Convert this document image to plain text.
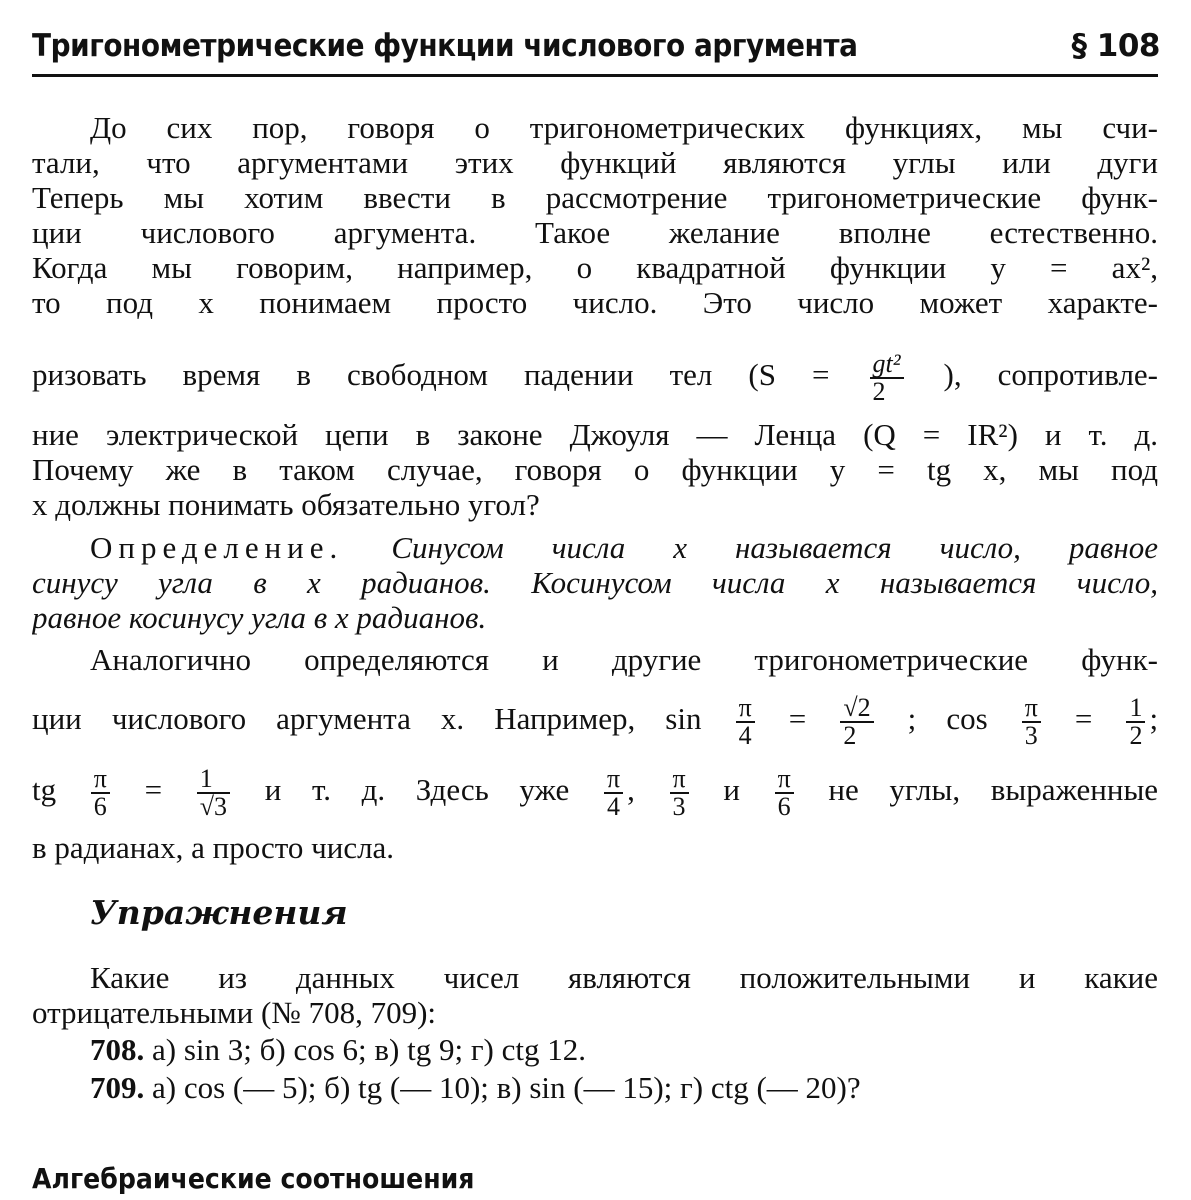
Тригонометрические функции числового аргумента	§ 108
До сих пор, говоря о тригонометрических функциях, мы счи-
тали, что аргументами этих функций являются углы или дуги
Теперь мы хотим ввести в рассмотрение тригонометрические функ-
ции числового аргумента. Такое желание вполне естественно.
Когда мы говорим, например, о квадратной функции y = ax²,
то под x понимаем просто число. Это число может характе-
ризовать время в свободном падении тел ($S = \frac{\text{gt²}}{2}$ ), сопротивле-
ние электрической цепи в законе Джоуля — Ленца (Q = IR²) и т. д.
Почему же в таком случае, говоря о функции y = tg x, мы под
x должны понимать обязательно угол?
Определение. Синусом числа x называется число, равное
синусу угла в x радианов. Косинусом числа x называется число,
равное косинусу угла в x радианов.
Аналогично определяются и другие тригонометрические функ-
ции числового аргумента x. Например, $\sin \frac{\pi}{4} = \frac{√2}{2}$ ; $\cos \frac{\pi}{3} = \frac{1}{2}$ ;
tg $\frac{\pi}{6} = \frac{1}{√3}$ и т. д. Здесь уже $\frac{\pi}{4}$ , $\frac{\pi}{3}$ и $\frac{\pi}{6}$ не углы, выраженные
в радианах, а просто числа.
Упражнения
Какие из данных чисел являются положительными и какие
отрицательными (№ 708, 709):
708. а) sin 3; б) cos 6; в) tg 9; г) ctg 12.
709. а) cos (— 5); б) tg (— 10); в) sin (— 15); г) ctg (— 20)?
Алгебраические соотношения
